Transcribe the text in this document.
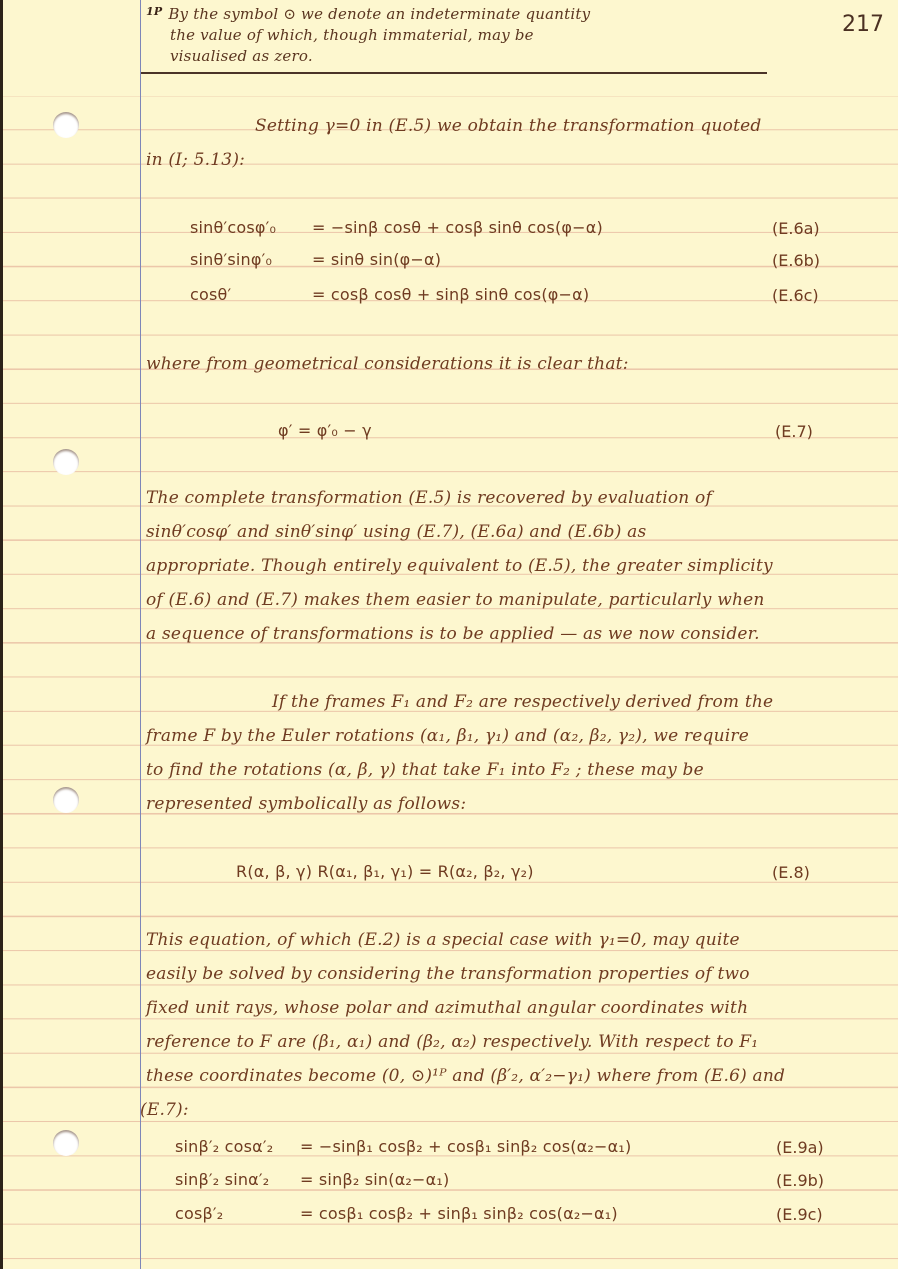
$^{1P}$ By the symbol ⊙ we denote an indeterminate quantity
the value of which, though immaterial, may be
visualised as zero.
217
Setting γ=0 in (E.5) we obtain the transformation quoted
in (I; 5.13):
sinθ′cosφ′₀ = −sinβ cosθ + cosβ sinθ cos(φ−α)	(E.6a)
sinθ′sinφ′₀ = sinθ sin(φ−α)	(E.6b)
cosθ′	= cosβ cosθ + sinβ sinθ cos(φ−α)	(E.6c)
where from geometrical considerations it is clear that:
φ′ = φ′₀ − γ	(E.7)
The complete transformation (E.5) is recovered by evaluation of
sinθ′cosφ′ and sinθ′sinφ′ using (E.7), (E.6a) and (E.6b) as
appropriate. Though entirely equivalent to (E.5), the greater simplicity
of (E.6) and (E.7) makes them easier to manipulate, particularly when
a sequence of transformations is to be applied — as we now consider.
If the frames F₁ and F₂ are respectively derived from the
frame F by the Euler rotations (α₁, β₁, γ₁) and (α₂, β₂, γ₂), we require
to find the rotations (α, β, γ) that take F₁ into F₂ ; these may be
represented symbolically as follows:
R(α, β, γ) R(α₁, β₁, γ₁) = R(α₂, β₂, γ₂)	(E.8)
This equation, of which (E.2) is a special case with γ₁=0, may quite
easily be solved by considering the transformation properties of two
fixed unit rays, whose polar and azimuthal angular coordinates with
reference to F are (β₁, α₁) and (β₂, α₂) respectively. With respect to F₁
these coordinates become (0, ⊙)¹ᴾ and (β′₂, α′₂−γ₁) where from (E.6) and
(E.7):
sinβ′₂ cosα′₂ = −sinβ₁ cosβ₂ + cosβ₁ sinβ₂ cos(α₂−α₁)	(E.9a)
sinβ′₂ sinα′₂ = sinβ₂ sin(α₂−α₁)	(E.9b)
cosβ′₂	= cosβ₁ cosβ₂ + sinβ₁ sinβ₂ cos(α₂−α₁)	(E.9c)
